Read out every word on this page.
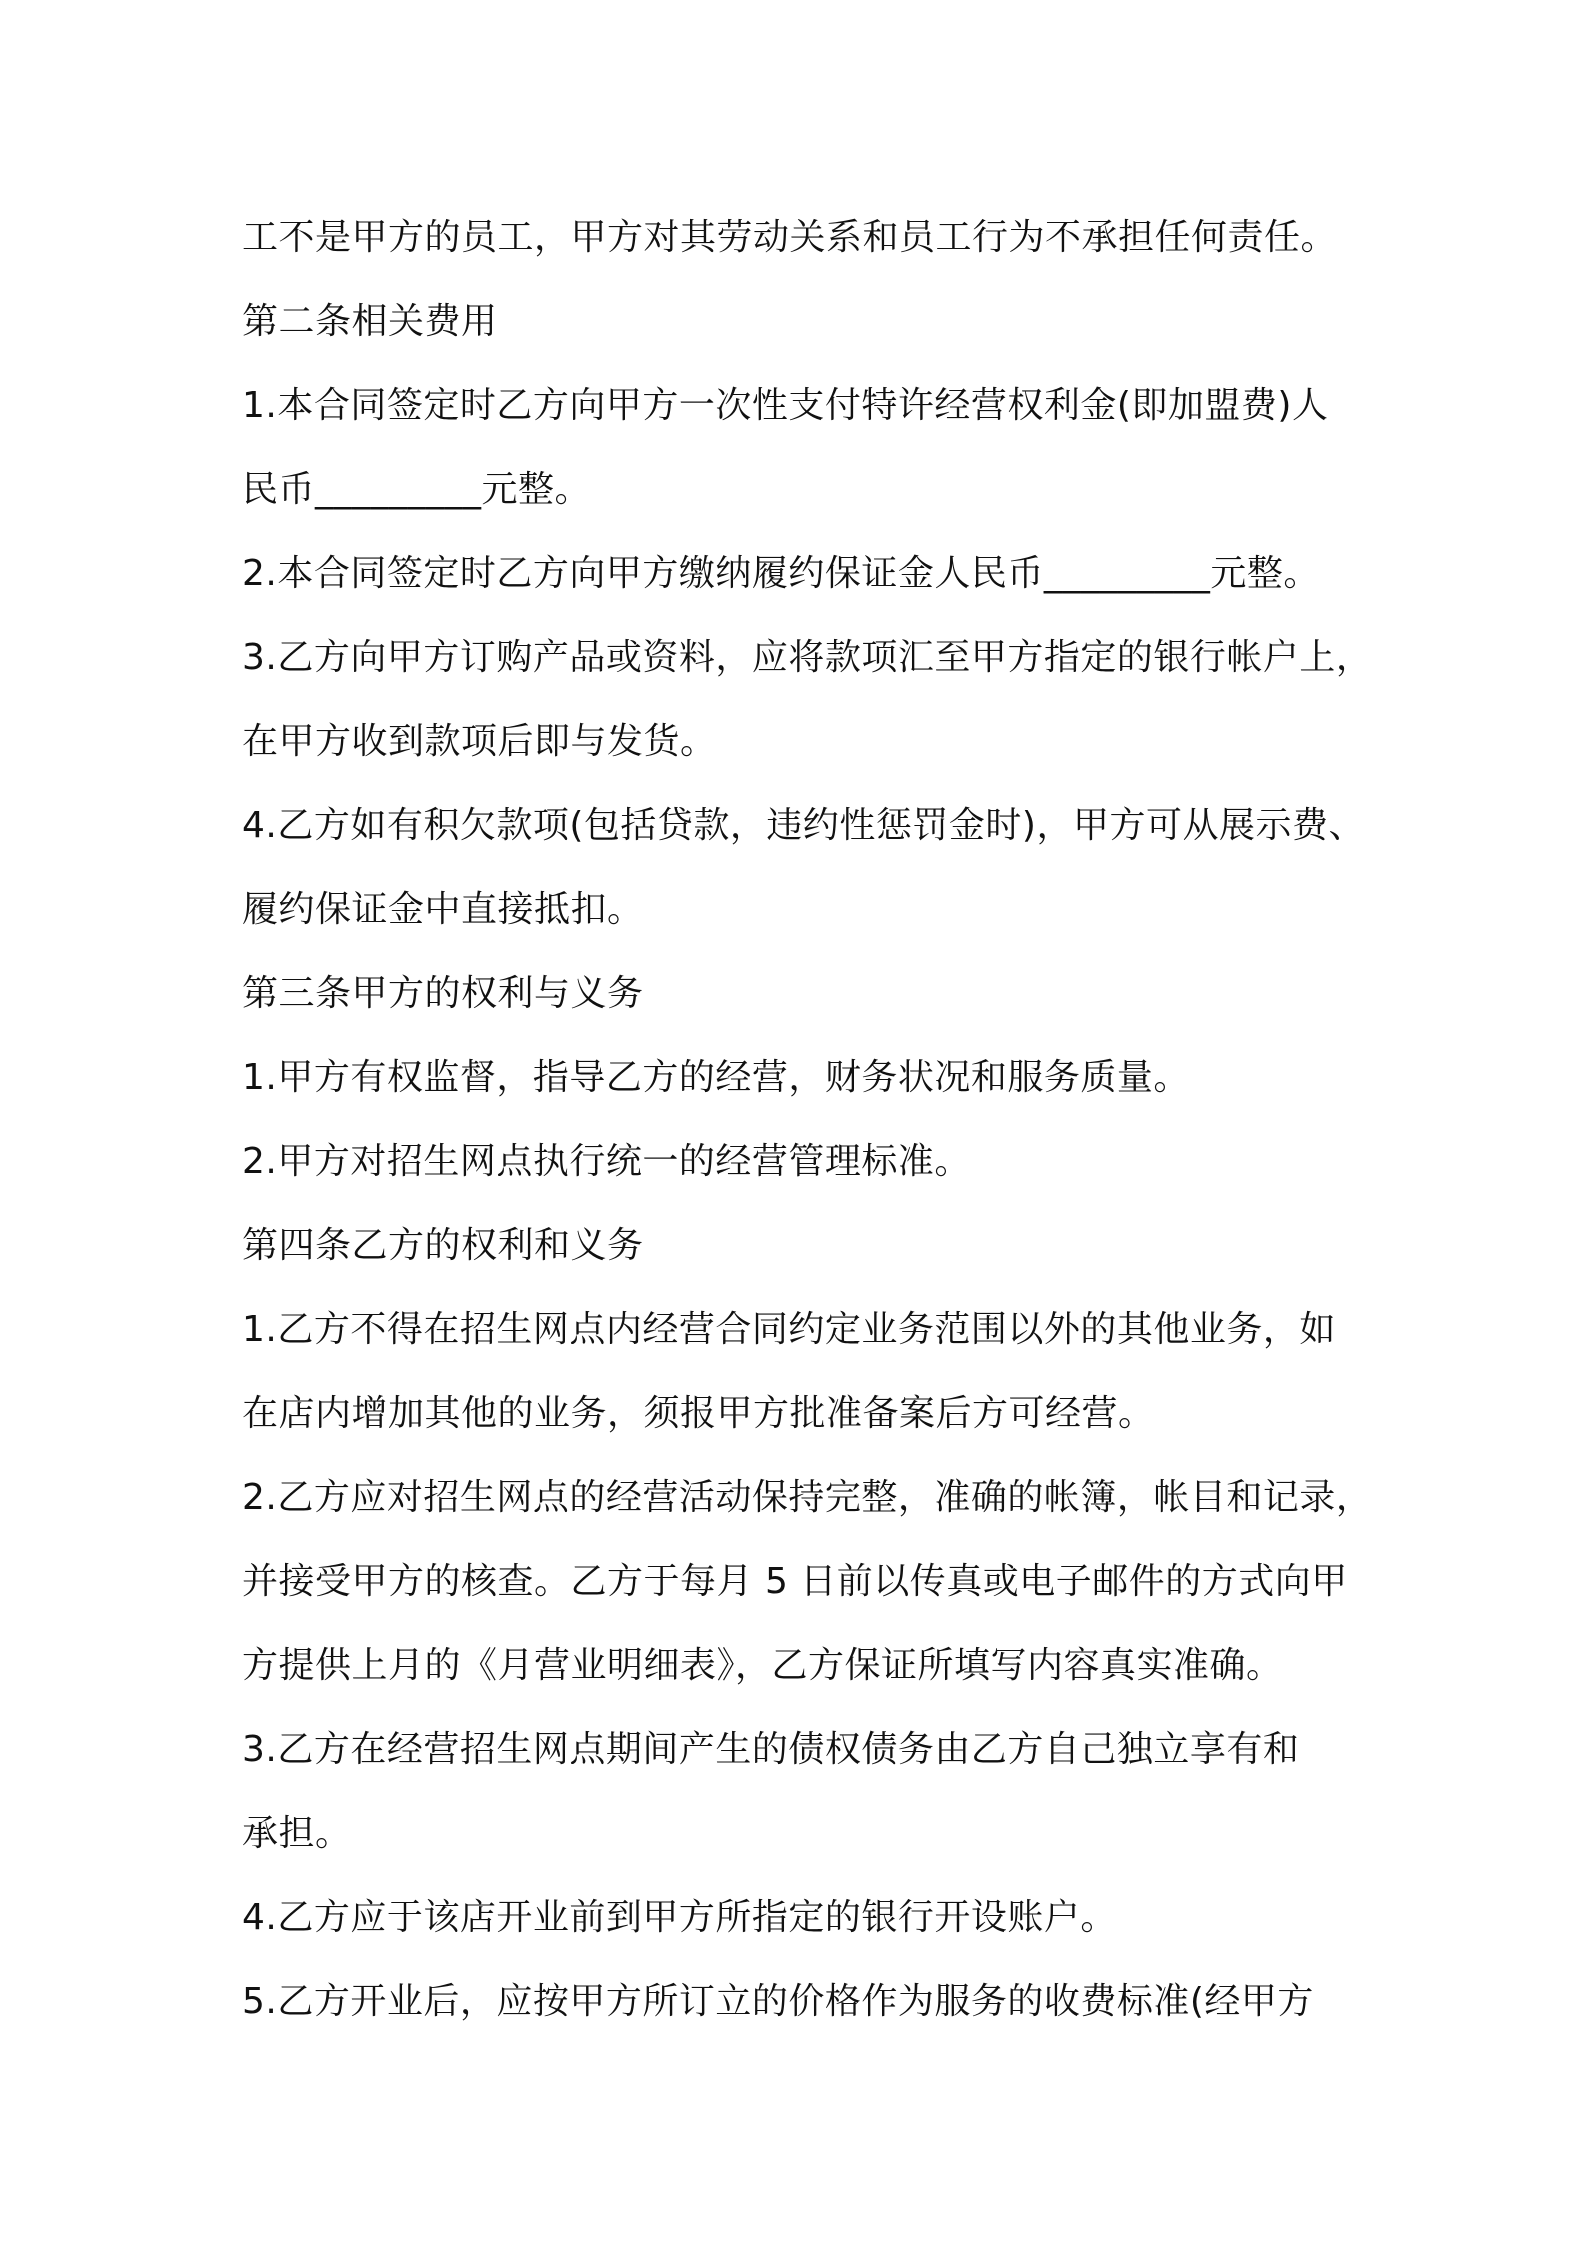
工不是甲方的员工，甲方对其劳动关系和员工行为不承担任何责任。
第二条相关费用
1.本合同签定时乙方向甲方一次性支付特许经营权利金(即加盟费)人
民币_________元整。
2.本合同签定时乙方向甲方缴纳履约保证金人民币_________元整。
3.乙方向甲方订购产品或资料，应将款项汇至甲方指定的银行帐户上，
在甲方收到款项后即与发货。
4.乙方如有积欠款项(包括贷款，违约性惩罚金时)，甲方可从展示费、
履约保证金中直接抵扣。
第三条甲方的权利与义务
1.甲方有权监督，指导乙方的经营，财务状况和服务质量。
2.甲方对招生网点执行统一的经营管理标准。
第四条乙方的权利和义务
1.乙方不得在招生网点内经营合同约定业务范围以外的其他业务，如
在店内增加其他的业务，须报甲方批准备案后方可经营。
2.乙方应对招生网点的经营活动保持完整，准确的帐簿，帐目和记录，
并接受甲方的核查。乙方于每月 5 日前以传真或电子邮件的方式向甲
方提供上月的《月营业明细表》，乙方保证所填写内容真实准确。
3.乙方在经营招生网点期间产生的债权债务由乙方自己独立享有和
承担。
4.乙方应于该店开业前到甲方所指定的银行开设账户。
5.乙方开业后，应按甲方所订立的价格作为服务的收费标准(经甲方
